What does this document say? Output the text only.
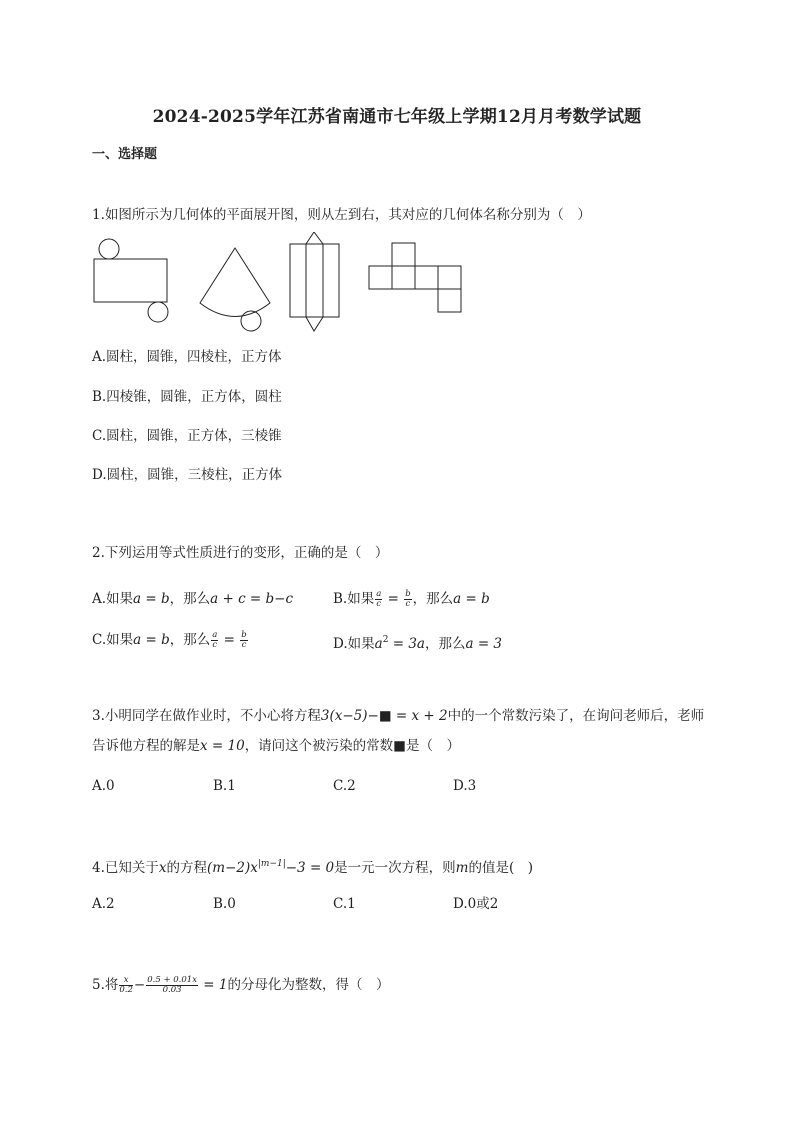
2024-2025学年江苏省南通市七年级上学期12月月考数学试题
一、选择题
1.如图所示为几何体的平面展开图，则从左到右，其对应的几何体名称分别为（　）
A.圆柱，圆锥，四棱柱，正方体
B.四棱锥，圆锥，正方体，圆柱
C.圆柱，圆锥，正方体，三棱锥
D.圆柱，圆锥，三棱柱，正方体
2.下列运用等式性质进行的变形，正确的是（　）
A.如果a = b，那么a + c = b−c	B.如果 $\frac{a}{c} = \frac{b}{c}$ ，那么a = b
C.如果a = b，那么 $\frac{a}{c} = \frac{b}{c}$	D.如果$a^2 = 3a$，那么a = 3
3.小明同学在做作业时，不小心将方程3(x−5)−■ = x + 2中的一个常数污染了，在询问老师后，老师
告诉他方程的解是x = 10，请问这个被污染的常数■是（　）
A.0	B.1	C.2	D.3
4.已知关于x的方程$(m-2)x^{|m-1|}-3 = 0$是一元一次方程，则m的值是(　)
A.2	B.0	C.1	D.0或2
5.将 $\frac{x}{0.2} - \frac{0.5 + 0.01x}{0.03} = 1$的分母化为整数，得（　）
